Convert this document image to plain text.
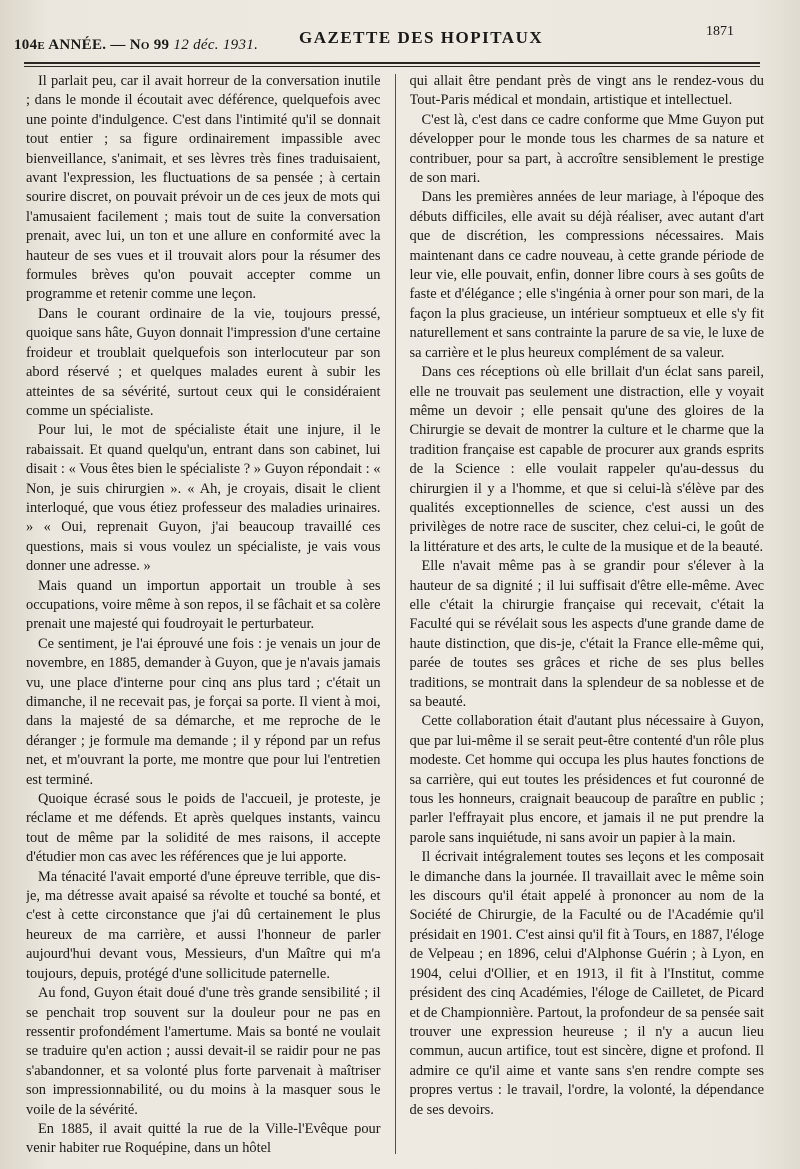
104e ANNÉE. — No 99 12 déc. 1931. GAZETTE DES HOPITAUX	1871

Il parlait peu, car il avait horreur de la conversation inutile ; dans le monde il écoutait avec déférence, quelquefois avec une pointe d'indulgence. C'est dans l'intimité qu'il se donnait tout entier ; sa figure ordinairement impassible avec bienveillance, s'animait, et ses lèvres très fines traduisaient, avant l'expression, les fluctuations de sa pensée ; à certain sourire discret, on pouvait prévoir un de ces jeux de mots qui l'amusaient facilement ; mais tout de suite la conversation prenait, avec lui, un ton et une allure en conformité avec la hauteur de ses vues et il trouvait alors pour la résumer des formules brèves qu'on pouvait accepter comme un programme et retenir comme une leçon.

Dans le courant ordinaire de la vie, toujours pressé, quoique sans hâte, Guyon donnait l'impression d'une certaine froideur et troublait quelquefois son interlocuteur par son abord réservé ; et quelques malades eurent à subir les atteintes de sa sévérité, surtout ceux qui le considéraient comme un spécialiste.

Pour lui, le mot de spécialiste était une injure, il le rabaissait. Et quand quelqu'un, entrant dans son cabinet, lui disait : « Vous êtes bien le spécialiste ? » Guyon répondait : « Non, je suis chirurgien ». « Ah, je croyais, disait le client interloqué, que vous étiez professeur des maladies urinaires. » « Oui, reprenait Guyon, j'ai beaucoup travaillé ces questions, mais si vous voulez un spécialiste, je vais vous donner une adresse. »

Mais quand un importun apportait un trouble à ses occupations, voire même à son repos, il se fâchait et sa colère prenait une majesté qui foudroyait le perturbateur.

Ce sentiment, je l'ai éprouvé une fois : je venais un jour de novembre, en 1885, demander à Guyon, que je n'avais jamais vu, une place d'interne pour cinq ans plus tard ; c'était un dimanche, il ne recevait pas, je forçai sa porte. Il vient à moi, dans la majesté de sa démarche, et me reproche de le déranger ; je formule ma demande ; il y répond par un refus net, et m'ouvrant la porte, me montre que pour lui l'entretien est terminé.

Quoique écrasé sous le poids de l'accueil, je proteste, je réclame et me défends. Et après quelques instants, vaincu tout de même par la solidité de mes raisons, il accepte d'étudier mon cas avec les références que je lui apporte.

Ma ténacité l'avait emporté d'une épreuve terrible, que dis-je, ma détresse avait apaisé sa révolte et touché sa bonté, et c'est à cette circonstance que j'ai dû certainement le plus heureux de ma carrière, et aussi l'honneur de parler aujourd'hui devant vous, Messieurs, d'un Maître qui m'a toujours, depuis, protégé d'une sollicitude paternelle.

Au fond, Guyon était doué d'une très grande sensibilité ; il se penchait trop souvent sur la douleur pour ne pas en ressentir profondément l'amertume. Mais sa bonté ne voulait se traduire qu'en action ; aussi devait-il se raidir pour ne pas s'abandonner, et sa volonté plus forte parvenait à maîtriser son impressionnabilité, ou du moins à la masquer sous le voile de la sévérité.

En 1885, il avait quitté la rue de la Ville-l'Evêque pour venir habiter rue Roquépine, dans un hôtel

qui allait être pendant près de vingt ans le rendez-vous du Tout-Paris médical et mondain, artistique et intellectuel.

C'est là, c'est dans ce cadre conforme que Mme Guyon put développer pour le monde tous les charmes de sa nature et contribuer, pour sa part, à accroître sensiblement le prestige de son mari.

Dans les premières années de leur mariage, à l'époque des débuts difficiles, elle avait su déjà réaliser, avec autant d'art que de discrétion, les compressions nécessaires. Mais maintenant dans ce cadre nouveau, à cette grande période de leur vie, elle pouvait, enfin, donner libre cours à ses goûts de faste et d'élégance ; elle s'ingénia à orner pour son mari, de la façon la plus gracieuse, un intérieur somptueux et elle s'y fit naturellement et sans contrainte la parure de sa vie, le luxe de sa carrière et le plus heureux complément de sa valeur.

Dans ces réceptions où elle brillait d'un éclat sans pareil, elle ne trouvait pas seulement une distraction, elle y voyait même un devoir ; elle pensait qu'une des gloires de la Chirurgie se devait de montrer la culture et le charme que la tradition française est capable de procurer aux grands esprits de la Science : elle voulait rappeler qu'au-dessus du chirurgien il y a l'homme, et que si celui-là s'élève par des qualités exceptionnelles de science, c'est aussi un des privilèges de notre race de susciter, chez celui-ci, le goût de la littérature et des arts, le culte de la musique et de la beauté.

Elle n'avait même pas à se grandir pour s'élever à la hauteur de sa dignité ; il lui suffisait d'être elle-même. Avec elle c'était la chirurgie française qui recevait, c'était la Faculté qui se révélait sous les aspects d'une grande dame de haute distinction, que dis-je, c'était la France elle-même qui, parée de toutes ses grâces et riche de ses plus belles traditions, se montrait dans la splendeur de sa noblesse et de sa beauté.

Cette collaboration était d'autant plus nécessaire à Guyon, que par lui-même il se serait peut-être contenté d'un rôle plus modeste. Cet homme qui occupa les plus hautes fonctions de sa carrière, qui eut toutes les présidences et fut couronné de tous les honneurs, craignait beaucoup de paraître en public ; parler l'effrayait plus encore, et jamais il ne put prendre la parole sans inquiétude, ni sans avoir un papier à la main.

Il écrivait intégralement toutes ses leçons et les composait le dimanche dans la journée. Il travaillait avec le même soin les discours qu'il était appelé à prononcer au nom de la Société de Chirurgie, de la Faculté ou de l'Académie qu'il présidait en 1901. C'est ainsi qu'il fit à Tours, en 1887, l'éloge de Velpeau ; en 1896, celui d'Alphonse Guérin ; à Lyon, en 1904, celui d'Ollier, et en 1913, il fit à l'Institut, comme président des cinq Académies, l'éloge de Cailletet, de Picard et de Championnière. Partout, la profondeur de sa pensée sait trouver une expression heureuse ; il n'y a aucun lieu commun, aucun artifice, tout est sincère, digne et profond. Il admire ce qu'il aime et vante sans s'en rendre compte ses propres vertus : le travail, l'ordre, la volonté, la dépendance de ses devoirs.
